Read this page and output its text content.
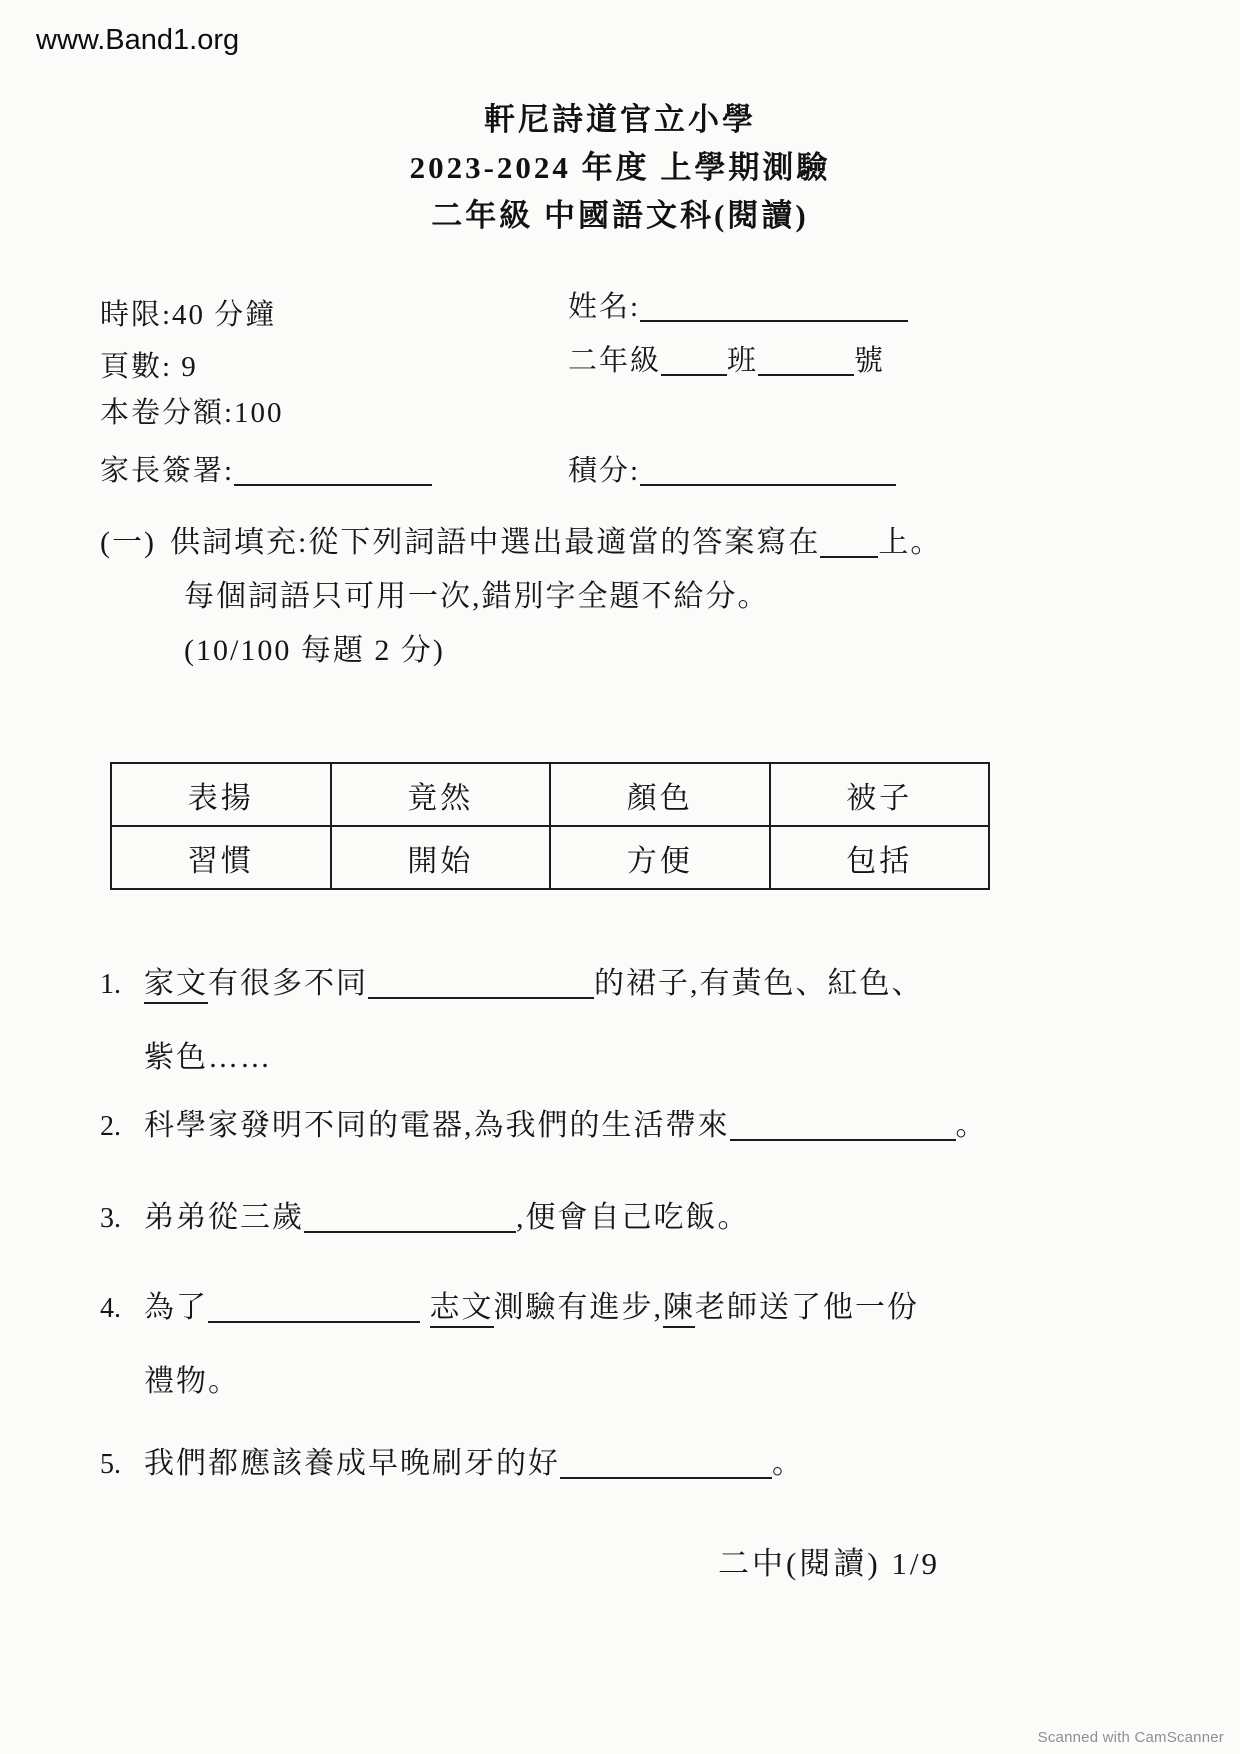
www.Band1.org
軒尼詩道官立小學
2023-2024 年度 上學期測驗
二年級 中國語文科(閱讀)
時限:40 分鐘
頁數: 9
本卷分額:100
家長簽署:
姓名:
二年級 班	號
積分:
(一) 供詞填充:從下列詞語中選出最適當的答案寫在 上。
每個詞語只可用一次,錯別字全題不給分。
(10/100 每題 2 分)
表揚	竟然	顏色	被子
習慣	開始	方便	包括
1. 家文有很多不同	的裙子,有黃色、紅色、
紫色……
2. 科學家發明不同的電器,為我們的生活帶來	。
3. 弟弟從三歲	,便會自己吃飯。
4. 為了	志文測驗有進步,陳老師送了他一份
禮物。
5. 我們都應該養成早晚刷牙的好	。
二中(閱讀) 1/9
Scanned with CamScanner
